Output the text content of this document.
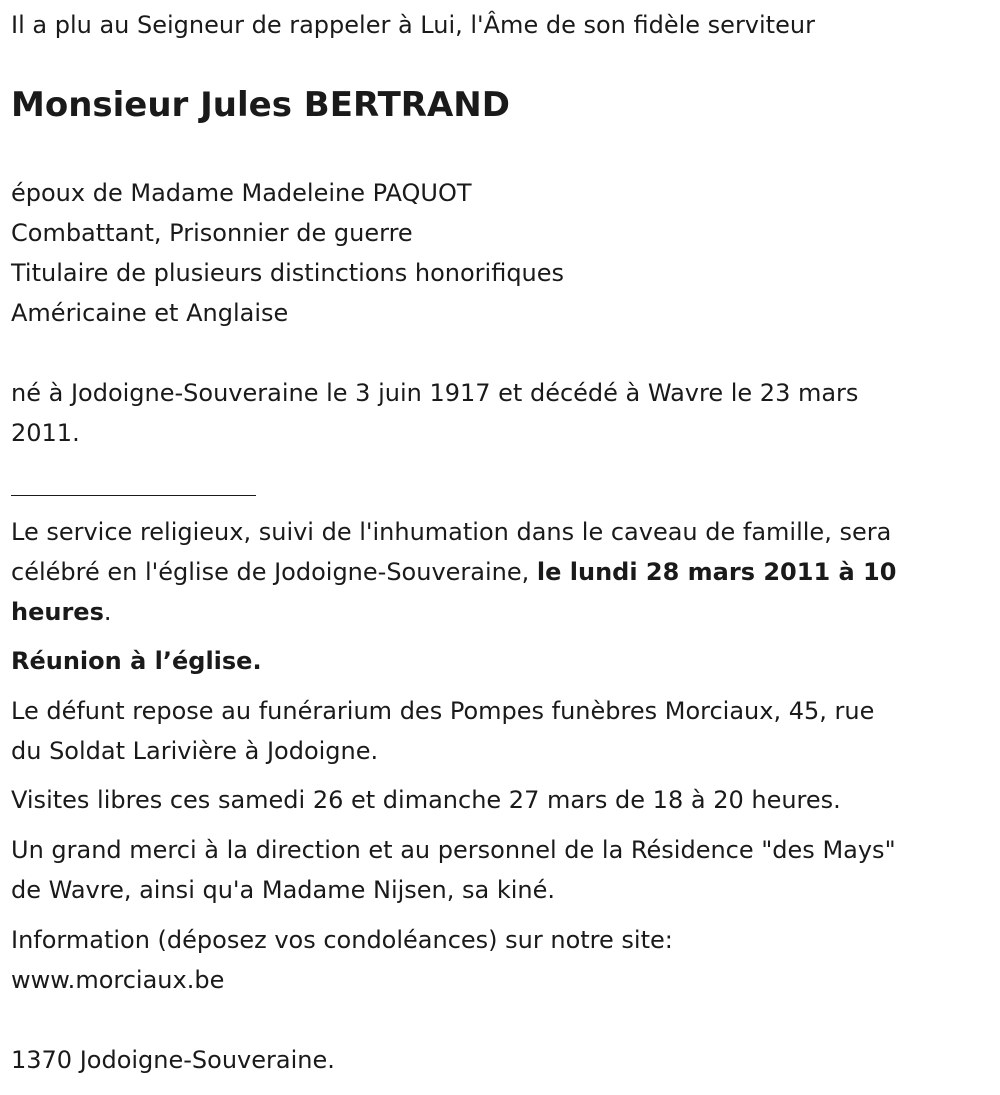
Il a plu au Seigneur de rappeler à Lui, l'Âme de son fidèle serviteur
Monsieur Jules BERTRAND
époux de Madame Madeleine PAQUOT
Combattant, Prisonnier de guerre
Titulaire de plusieurs distinctions honorifiques
Américaine et Anglaise
né à Jodoigne-Souveraine le 3 juin 1917 et décédé à Wavre le 23 mars
2011.
Le service religieux, suivi de l'inhumation dans le caveau de famille, sera
célébré en l'église de Jodoigne-Souveraine, le lundi 28 mars 2011 à 10
heures.
Réunion à l’église.
Le défunt repose au funérarium des Pompes funèbres Morciaux, 45, rue
du Soldat Larivière à Jodoigne.
Visites libres ces samedi 26 et dimanche 27 mars de 18 à 20 heures.
Un grand merci à la direction et au personnel de la Résidence "des Mays"
de Wavre, ainsi qu'a Madame Nijsen, sa kiné.
Information (déposez vos condoléances) sur notre site:
www.morciaux.be
1370 Jodoigne-Souveraine.
